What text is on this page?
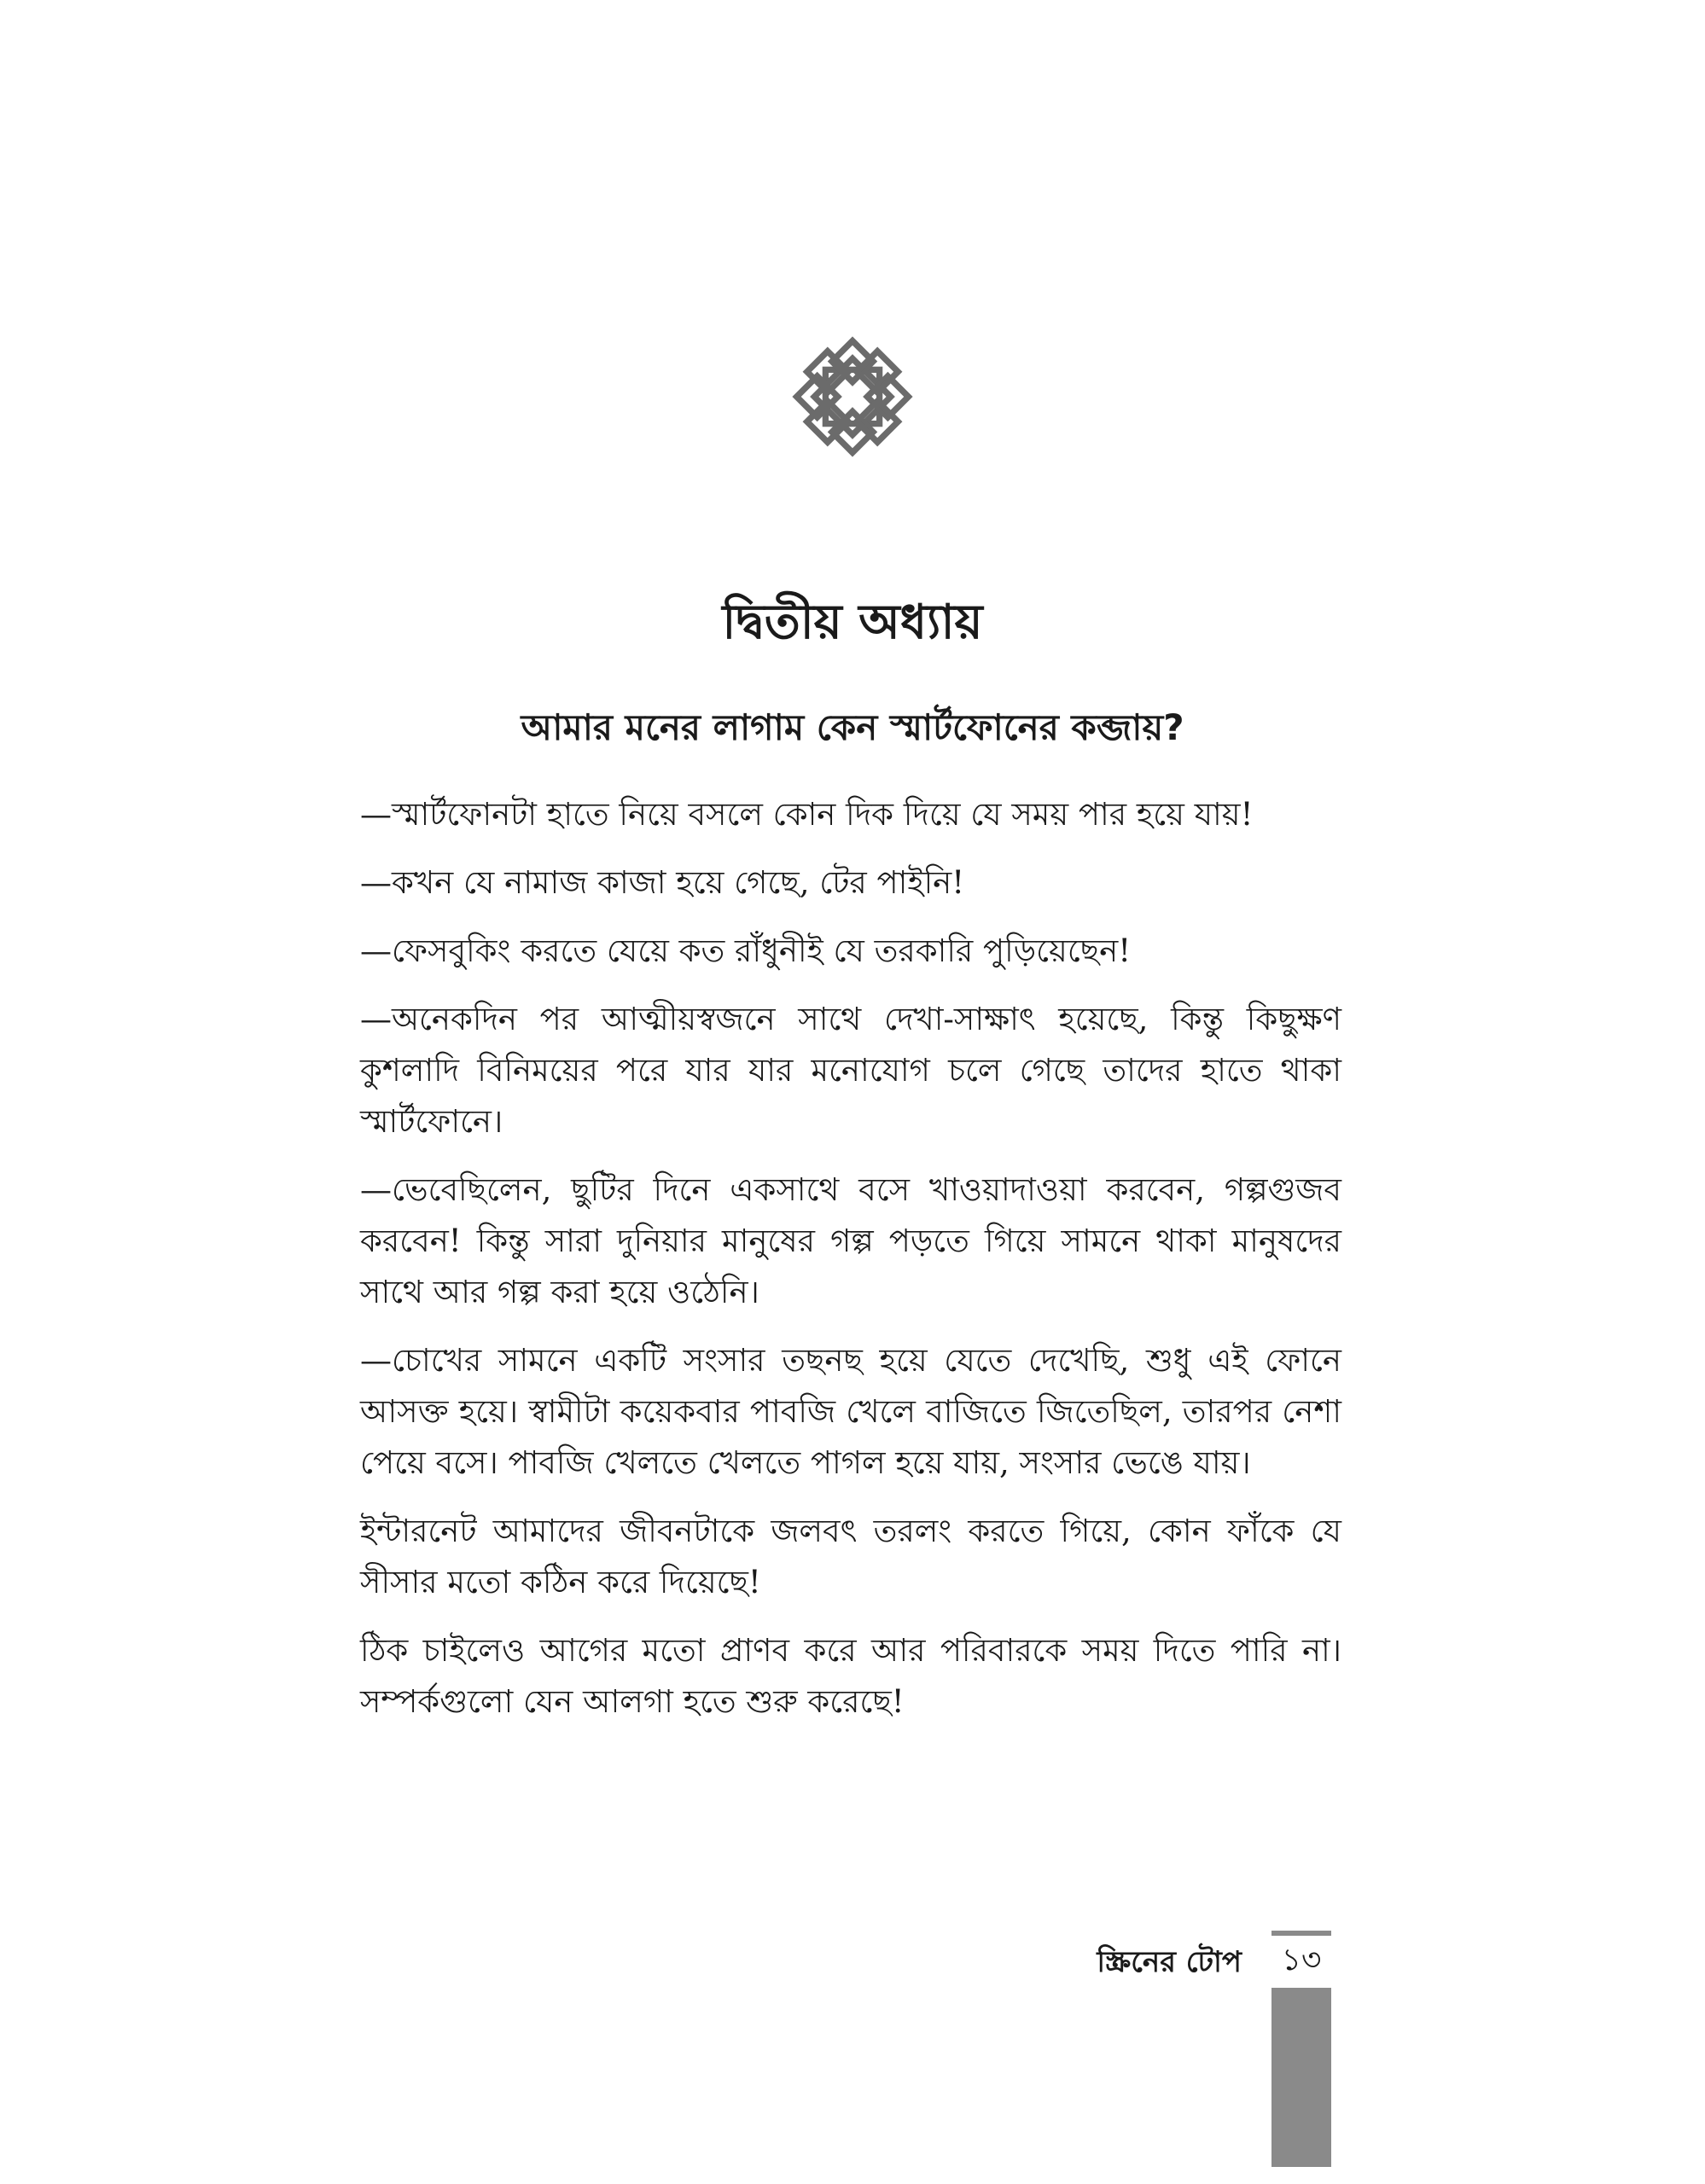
দ্বিতীয় অধ্যায়
আমার মনের লাগাম কেন স্মার্টফোনের কব্জায়?

—স্মার্টফোনটা হাতে নিয়ে বসলে কোন দিক দিয়ে যে সময় পার হয়ে যায়!

—কখন যে নামাজ কাজা হয়ে গেছে, টের পাইনি!

—ফেসবুকিং করতে যেয়ে কত রাঁধুনীই যে তরকারি পুড়িয়েছেন!

—অনেকদিন পর আত্মীয়স্বজনে সাথে দেখা-সাক্ষাৎ হয়েছে, কিন্তু কিছুক্ষণ কুশলাদি বিনিময়ের পরে যার যার মনোযোগ চলে গেছে তাদের হাতে থাকা স্মার্টফোনে।

—ভেবেছিলেন, ছুটির দিনে একসাথে বসে খাওয়াদাওয়া করবেন, গল্পগুজব করবেন! কিন্তু সারা দুনিয়ার মানুষের গল্প পড়তে গিয়ে সামনে থাকা মানুষদের সাথে আর গল্প করা হয়ে ওঠেনি।

—চোখের সামনে একটি সংসার তছনছ হয়ে যেতে দেখেছি, শুধু এই ফোনে আসক্ত হয়ে। স্বামীটা কয়েকবার পাবজি খেলে বাজিতে জিতেছিল, তারপর নেশা পেয়ে বসে। পাবজি খেলতে খেলতে পাগল হয়ে যায়, সংসার ভেঙে যায়।

ইন্টারনেট আমাদের জীবনটাকে জলবৎ তরলং করতে গিয়ে, কোন ফাঁকে যে সীসার মতো কঠিন করে দিয়েছে!

ঠিক চাইলেও আগের মতো প্রাণব করে আর পরিবারকে সময় দিতে পারি না। সম্পর্কগুলো যেন আলগা হতে শুরু করেছে!

স্ক্রিনের টোপ	১৩
